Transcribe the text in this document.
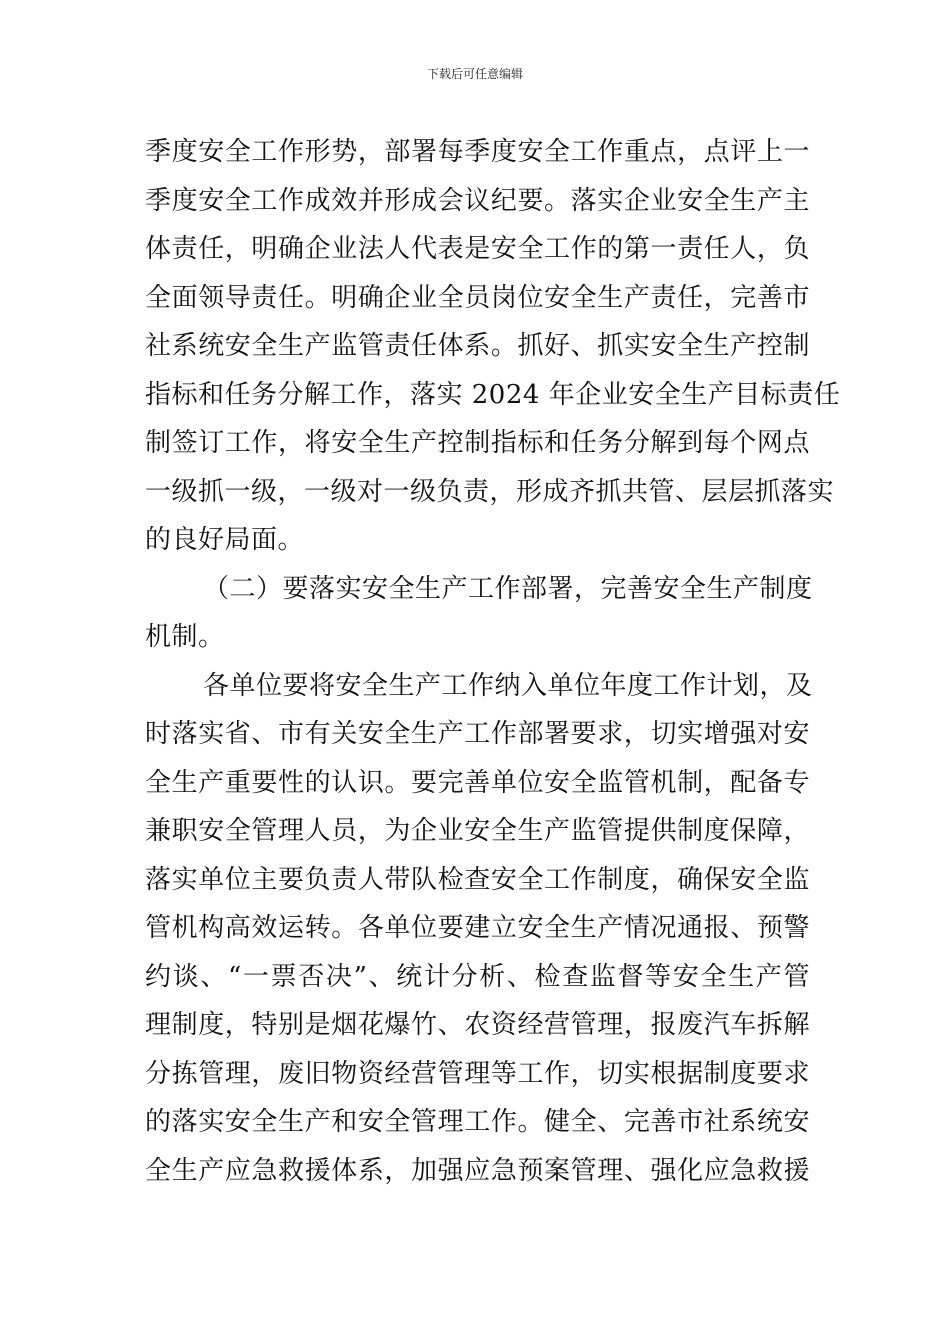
下载后可任意编辑
季度安全工作形势，部署每季度安全工作重点，点评上一
季度安全工作成效并形成会议纪要。落实企业安全生产主
体责任，明确企业法人代表是安全工作的第一责任人，负
全面领导责任。明确企业全员岗位安全生产责任，完善市
社系统安全生产监管责任体系。抓好、抓实安全生产控制
指标和任务分解工作，落实 2024 年企业安全生产目标责任
制签订工作，将安全生产控制指标和任务分解到每个网点
一级抓一级，一级对一级负责，形成齐抓共管、层层抓落实
的良好局面。
（二）要落实安全生产工作部署，完善安全生产制度
机制。
各单位要将安全生产工作纳入单位年度工作计划，及
时落实省、市有关安全生产工作部署要求，切实增强对安
全生产重要性的认识。要完善单位安全监管机制，配备专
兼职安全管理人员，为企业安全生产监管提供制度保障，
落实单位主要负责人带队检查安全工作制度，确保安全监
管机构高效运转。各单位要建立安全生产情况通报、预警
约谈、“一票否决”、统计分析、检查监督等安全生产管
理制度，特别是烟花爆竹、农资经营管理，报废汽车拆解
分拣管理，废旧物资经营管理等工作，切实根据制度要求
的落实安全生产和安全管理工作。健全、完善市社系统安
全生产应急救援体系，加强应急预案管理、强化应急救援
